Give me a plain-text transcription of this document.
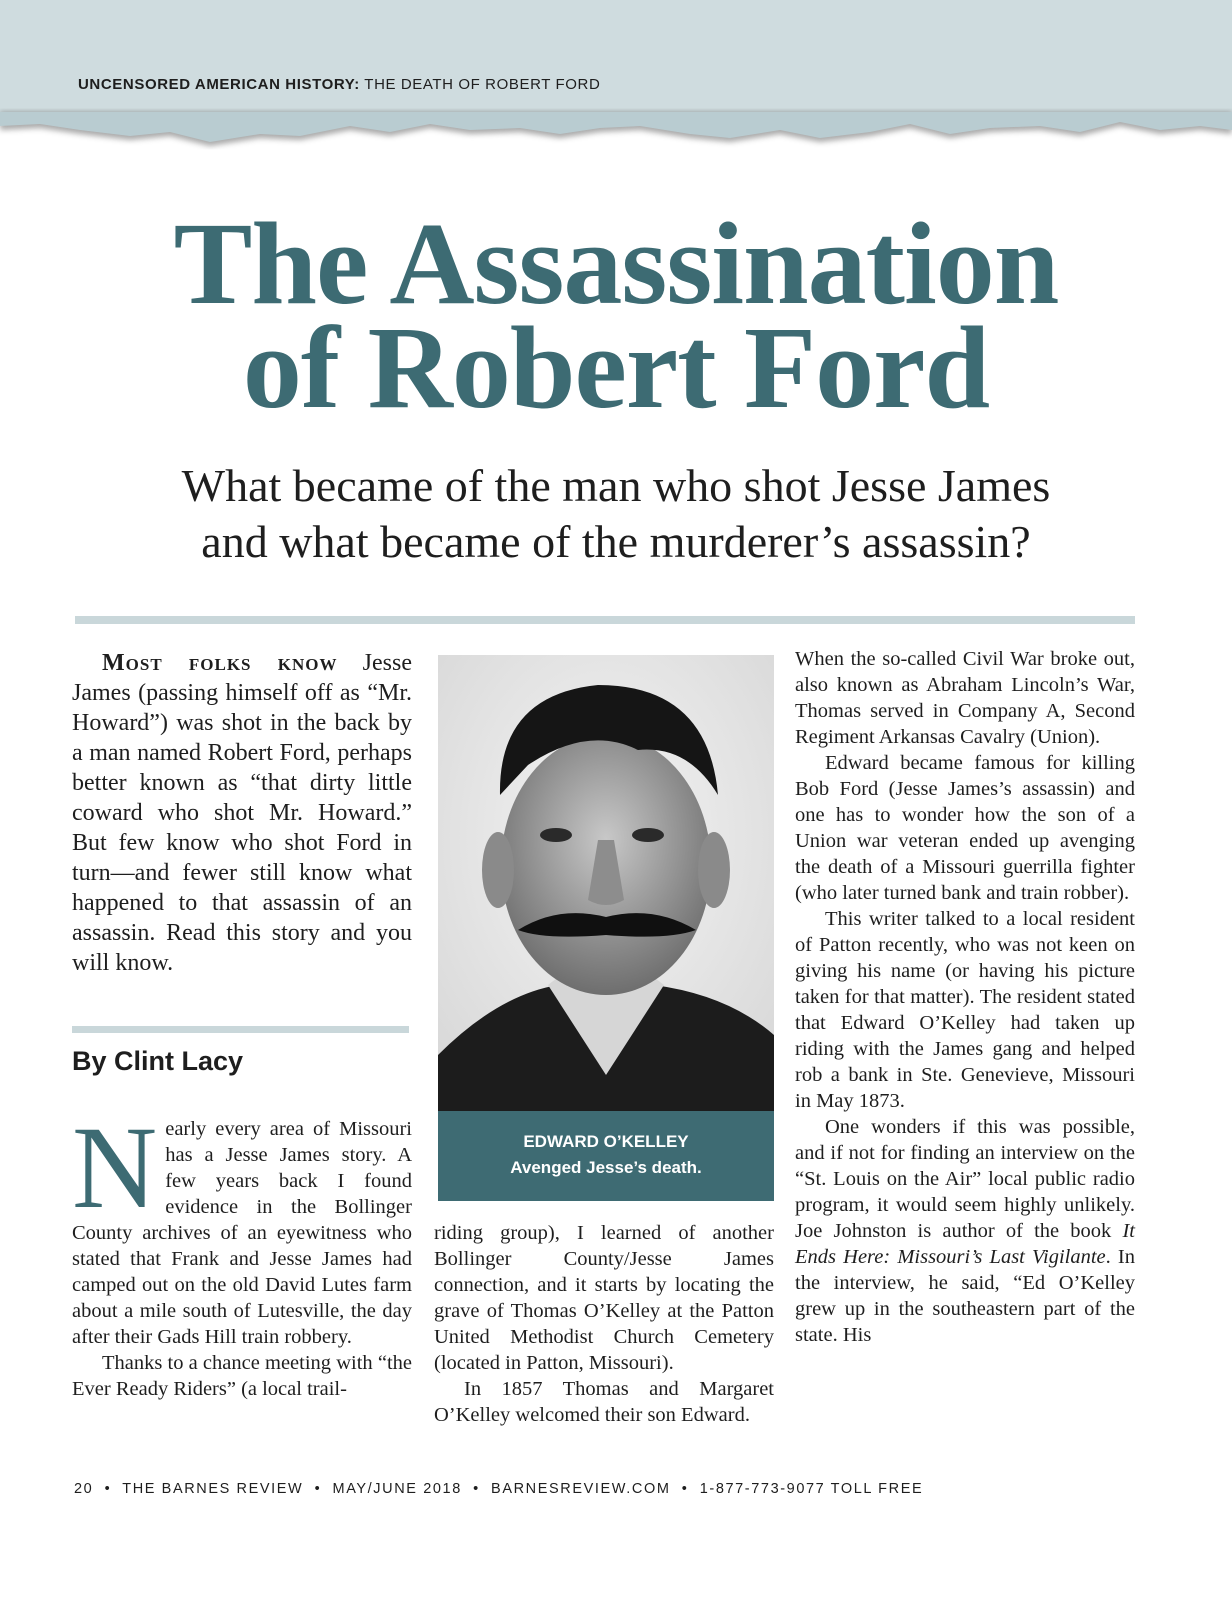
UNCENSORED AMERICAN HISTORY: THE DEATH OF ROBERT FORD
The Assassination
of Robert Ford
What became of the man who shot Jesse James
and what became of the murderer’s assassin?
Most folks know Jesse James (passing himself off as “Mr. Howard”) was shot in the back by a man named Robert Ford, perhaps better known as “that dirty little coward who shot Mr. Howard.” But few know who shot Ford in turn—and fewer still know what happened to that assassin of an assassin. Read this story and you will know.
By Clint Lacy

Nearly every area of Missouri has a Jesse James story. A few years back I found evidence in the Bollinger County archives of an eyewitness who stated that Frank and Jesse James had camped out on the old David Lutes farm about a mile south of Lutesville, the day after their Gads Hill train robbery.

Thanks to a chance meeting with “the Ever Ready Riders” (a local trail-

EDWARD O’KELLEY
Avenged Jesse’s death.

riding group), I learned of another Bollinger County/Jesse James connection, and it starts by locating the grave of Thomas O’Kelley at the Patton United Methodist Church Cemetery (located in Patton, Missouri).

In 1857 Thomas and Margaret O’Kelley welcomed their son Edward.

When the so-called Civil War broke out, also known as Abraham Lincoln’s War, Thomas served in Company A, Second Regiment Arkansas Cavalry (Union).

Edward became famous for killing Bob Ford (Jesse James’s assassin) and one has to wonder how the son of a Union war veteran ended up avenging the death of a Missouri guerrilla fighter (who later turned bank and train robber).

This writer talked to a local resident of Patton recently, who was not keen on giving his name (or having his picture taken for that matter). The resident stated that Edward O’Kelley had taken up riding with the James gang and helped rob a bank in Ste. Genevieve, Missouri in May 1873.

One wonders if this was possible, and if not for finding an interview on the “St. Louis on the Air” local public radio program, it would seem highly unlikely. Joe Johnston is author of the book It Ends Here: Missouri’s Last Vigilante. In the interview, he said, “Ed O’Kelley grew up in the southeastern part of the state. His

20  •  THE BARNES REVIEW  •  MAY/JUNE 2018  •  BARNESREVIEW.COM  •  1-877-773-9077 TOLL FREE
